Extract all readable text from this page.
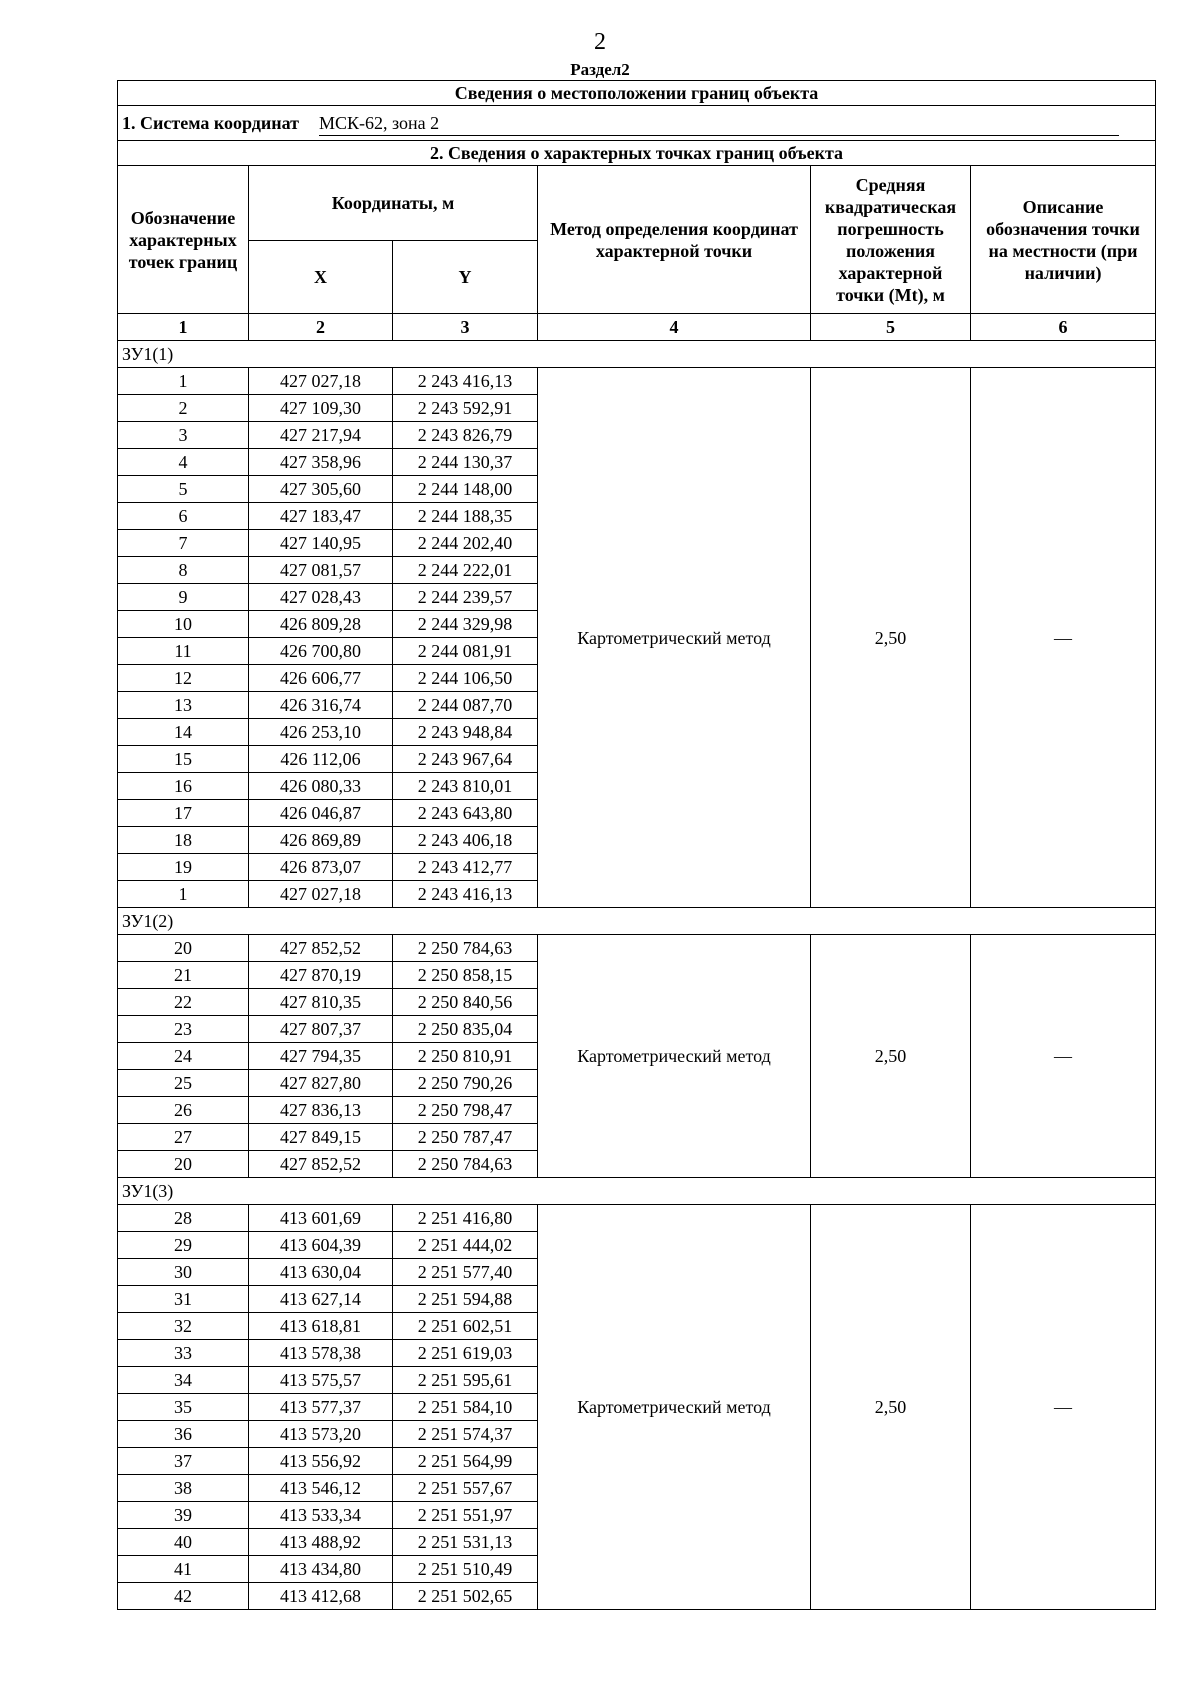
2
Раздел2
Сведения о местоположении границ объекта					
1. Система координат МСК-62, зона 2					
2. Сведения о характерных точках границ объекта					
Обозначение характерных точек границ	Координаты, м		Метод определения координат характерной точки	Средняя квадратическая погрешность положения характерной точки (Mt), м	Описание обозначения точки на местности (при наличии)
	X	Y			
1	2	3	4	5	6
ЗУ1(1)					
1	427 027,18	2 243 416,13	Картометрический метод	2,50	—
2	427 109,30	2 243 592,91			
3	427 217,94	2 243 826,79			
4	427 358,96	2 244 130,37			
5	427 305,60	2 244 148,00			
6	427 183,47	2 244 188,35			
7	427 140,95	2 244 202,40			
8	427 081,57	2 244 222,01			
9	427 028,43	2 244 239,57			
10	426 809,28	2 244 329,98			
11	426 700,80	2 244 081,91			
12	426 606,77	2 244 106,50			
13	426 316,74	2 244 087,70			
14	426 253,10	2 243 948,84			
15	426 112,06	2 243 967,64			
16	426 080,33	2 243 810,01			
17	426 046,87	2 243 643,80			
18	426 869,89	2 243 406,18			
19	426 873,07	2 243 412,77			
1	427 027,18	2 243 416,13			
ЗУ1(2)					
20	427 852,52	2 250 784,63	Картометрический метод	2,50	—
21	427 870,19	2 250 858,15			
22	427 810,35	2 250 840,56			
23	427 807,37	2 250 835,04			
24	427 794,35	2 250 810,91			
25	427 827,80	2 250 790,26			
26	427 836,13	2 250 798,47			
27	427 849,15	2 250 787,47			
20	427 852,52	2 250 784,63			
ЗУ1(3)					
28	413 601,69	2 251 416,80	Картометрический метод	2,50	—
29	413 604,39	2 251 444,02			
30	413 630,04	2 251 577,40			
31	413 627,14	2 251 594,88			
32	413 618,81	2 251 602,51			
33	413 578,38	2 251 619,03			
34	413 575,57	2 251 595,61			
35	413 577,37	2 251 584,10			
36	413 573,20	2 251 574,37			
37	413 556,92	2 251 564,99			
38	413 546,12	2 251 557,67			
39	413 533,34	2 251 551,97			
40	413 488,92	2 251 531,13			
41	413 434,80	2 251 510,49			
42	413 412,68	2 251 502,65			
